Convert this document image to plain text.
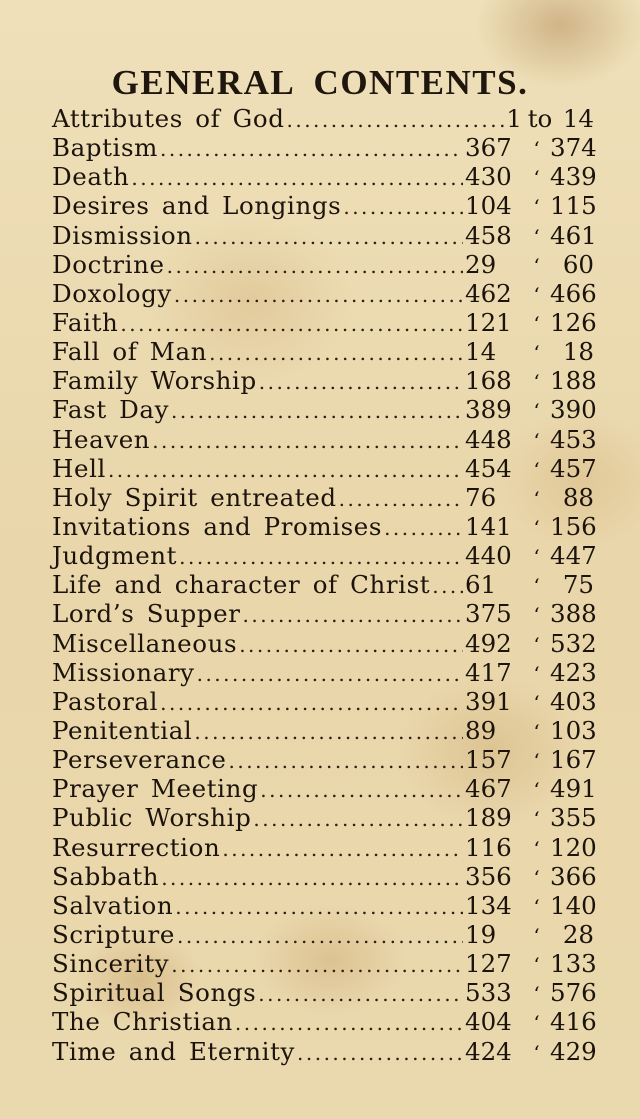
GENERAL CONTENTS.
Attributes of God .....	1 to 14
Baptism .....	367	‘ 374
Death .....	430	‘ 439
Desires and Longings .....	104	‘ 115
Dismission .....	458	‘ 461
Doctrine .....	29	‘ 60
Doxology .....	462	‘ 466
Faith .....	121	‘ 126
Fall of Man .....	14	‘ 18
Family Worship .....	168	‘ 188
Fast Day .....	389	‘ 390
Heaven .....	448	‘ 453
Hell .....	454	‘ 457
Holy Spirit entreated .....	76	‘ 88
Invitations and Promises .....	141	‘ 156
Judgment .....	440	‘ 447
Life and character of Christ ..... 61	‘ 75
Lord’s Supper .....	375	‘ 388
Miscellaneous .....	492	‘ 532
Missionary .....	417	‘ 423
Pastoral .....	391	‘ 403
Penitential .....	89	‘ 103
Perseverance .....	157	‘ 167
Prayer Meeting .....	467	‘ 491
Public Worship .....	189	‘ 355
Resurrection .....	116	‘ 120
Sabbath .....	356	‘ 366
Salvation .....	134	‘ 140
Scripture .....	19	‘ 28
Sincerity .....	127	‘ 133
Spiritual Songs .....	533	‘ 576
The Christian .....	404	‘ 416
Time and Eternity .....	424	‘ 429
